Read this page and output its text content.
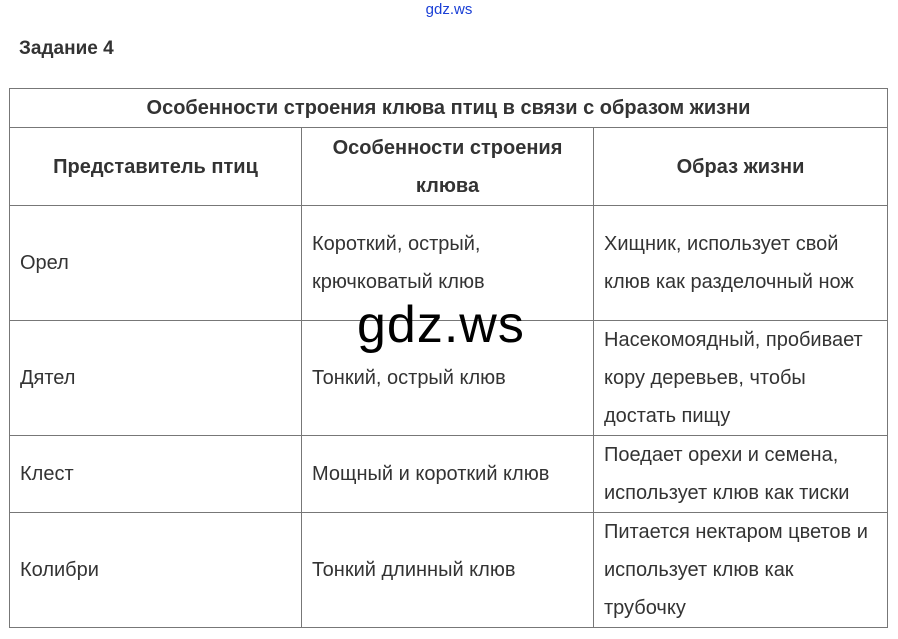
gdz.ws
Задание 4
Особенности строения клюва птиц в связи с образом жизни		
Представитель птиц	Особенности строения клюва	Образ жизни
Орел	Короткий, острый, крючковатый клюв	Хищник, использует свой клюв как разделочный нож
Дятел	Тонкий, острый клюв	Насекомоядный, пробивает кору деревьев, чтобы достать пищу
Клест	Мощный и короткий клюв	Поедает орехи и семена, использует клюв как тиски
Колибри	Тонкий длинный клюв	Питается нектаром цветов и использует клюв как трубочку
gdz.ws
